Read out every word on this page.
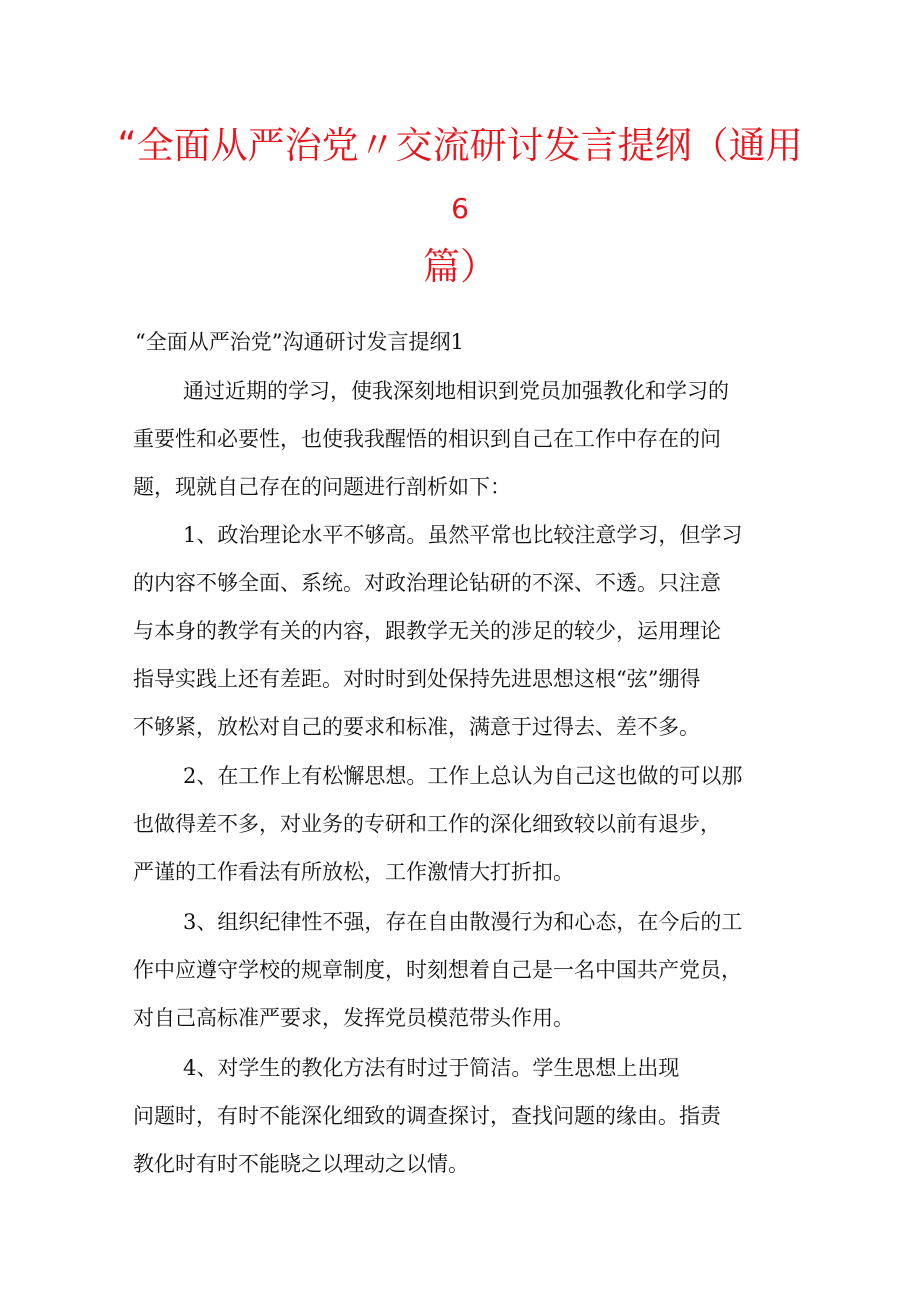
“全面从严治党〃交流研讨发言提纲（通用
6
篇）
“全面从严治党”沟通研讨发言提纲1
通过近期的学习，使我深刻地相识到党员加强教化和学习的
重要性和必要性，也使我我醒悟的相识到自己在工作中存在的问
题，现就自己存在的问题进行剖析如下：
1、政治理论水平不够高。虽然平常也比较注意学习，但学习
的内容不够全面、系统。对政治理论钻研的不深、不透。只注意
与本身的教学有关的内容，跟教学无关的涉足的较少，运用理论
指导实践上还有差距。对时时到处保持先进思想这根“弦”绷得
不够紧，放松对自己的要求和标准，满意于过得去、差不多。
2、在工作上有松懈思想。工作上总认为自己这也做的可以那
也做得差不多，对业务的专研和工作的深化细致较以前有退步，
严谨的工作看法有所放松，工作激情大打折扣。
3、组织纪律性不强，存在自由散漫行为和心态，在今后的工
作中应遵守学校的规章制度，时刻想着自己是一名中国共产党员，
对自己高标准严要求，发挥党员模范带头作用。
4、对学生的教化方法有时过于简洁。学生思想上出现
问题时，有时不能深化细致的调查探讨，查找问题的缘由。指责
教化时有时不能晓之以理动之以情。
